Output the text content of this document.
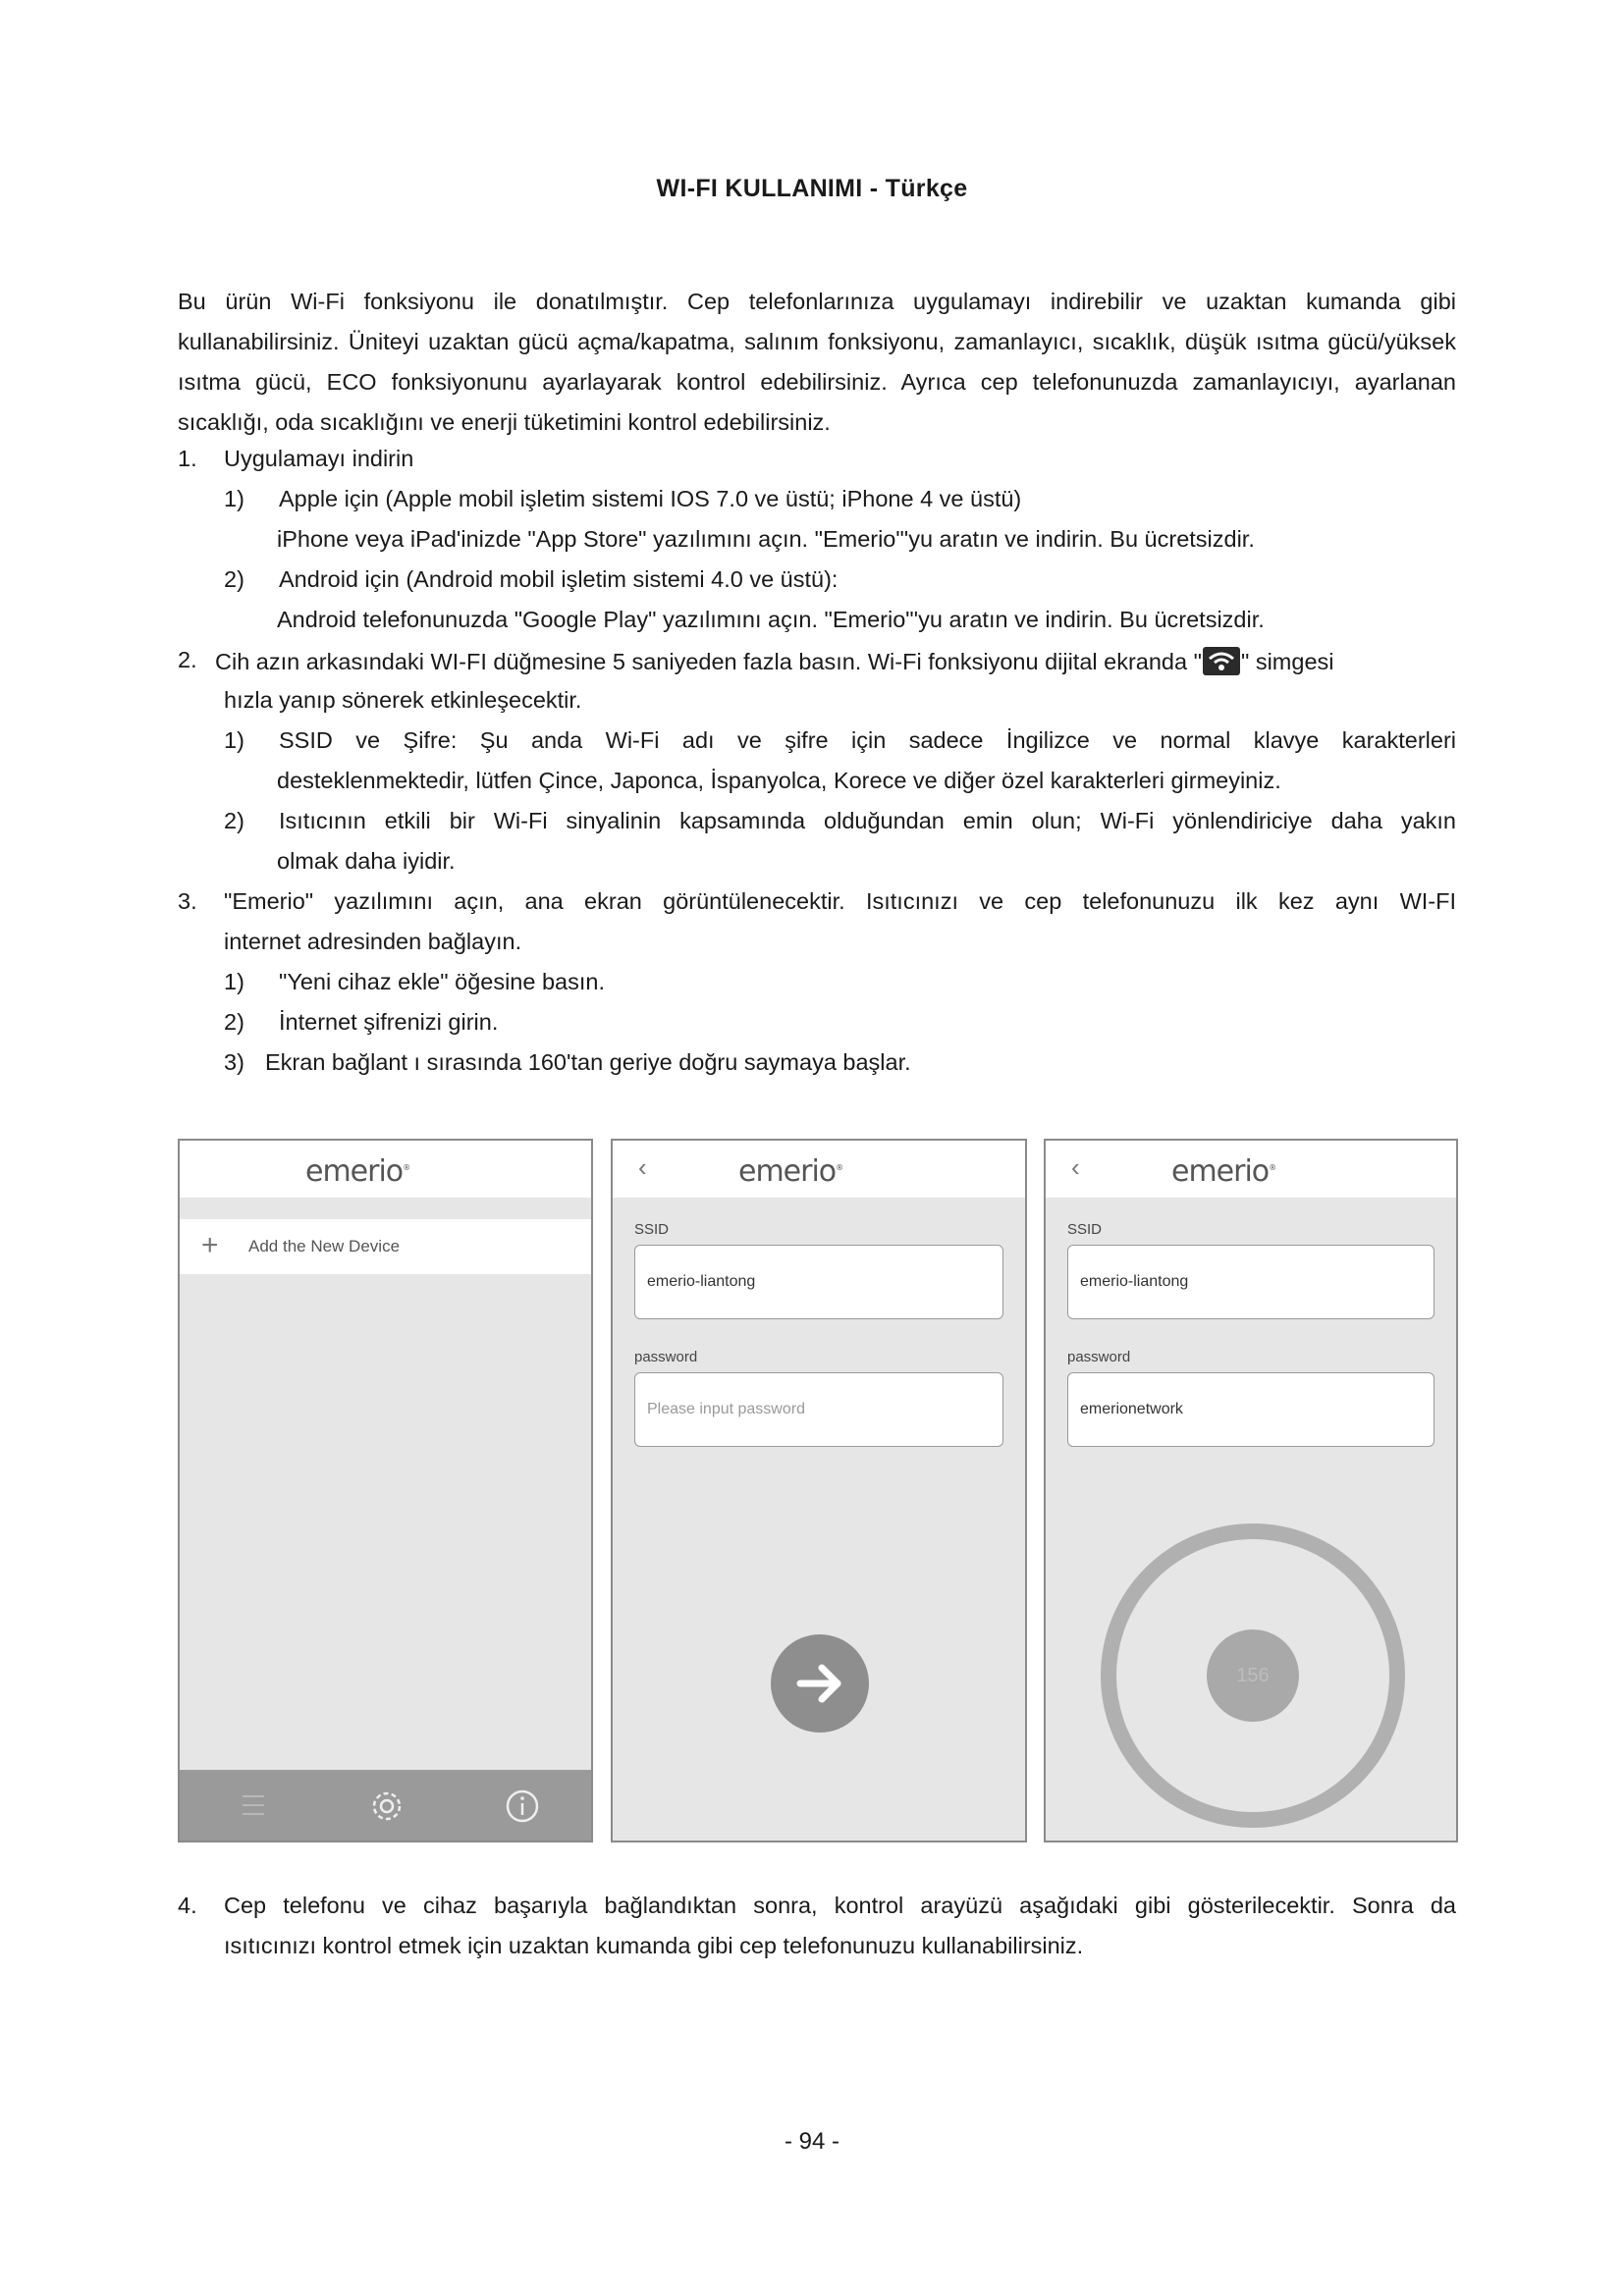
WI-FI KULLANIMI - Türkçe

Bu ürün Wi-Fi fonksiyonu ile donatılmıştır. Cep telefonlarınıza uygulamayı indirebilir ve uzaktan kumanda gibi kullanabilirsiniz. Üniteyi uzaktan gücü açma/kapatma, salınım fonksiyonu, zamanlayıcı, sıcaklık, düşük ısıtma gücü/yüksek ısıtma gücü, ECO fonksiyonunu ayarlayarak kontrol edebilirsiniz. Ayrıca cep telefonunuzda zamanlayıcıyı, ayarlanan sıcaklığı, oda sıcaklığını ve enerji tüketimini kontrol edebilirsiniz.

1. Uygulamayı indirin
1) Apple için (Apple mobil işletim sistemi IOS 7.0 ve üstü; iPhone 4 ve üstü)
iPhone veya iPad'inizde "App Store" yazılımını açın. "Emerio"'yu aratın ve indirin. Bu ücretsizdir.
2) Android için (Android mobil işletim sistemi 4.0 ve üstü):
Android telefonunuzda "Google Play" yazılımını açın. "Emerio"'yu aratın ve indirin. Bu ücretsizdir.
2. Cih azın arkasındaki WI-FI düğmesine 5 saniyeden fazla basın. Wi-Fi fonksiyonu dijital ekranda " " simgesi
hızla yanıp sönerek etkinleşecektir.
1) SSID ve Şifre: Şu anda Wi-Fi adı ve şifre için sadece İngilizce ve normal klavye karakterleri
desteklenmektedir, lütfen Çince, Japonca, İspanyolca, Korece ve diğer özel karakterleri girmeyiniz.
2) Isıtıcının etkili bir Wi-Fi sinyalinin kapsamında olduğundan emin olun; Wi-Fi yönlendiriciye daha yakın
olmak daha iyidir.
3. "Emerio" yazılımını açın, ana ekran görüntülenecektir. Isıtıcınızı ve cep telefonunuzu ilk kez aynı WI-FI
internet adresinden bağlayın.
1) "Yeni cihaz ekle" öğesine basın.
2) İnternet şifrenizi girin.
3) Ekran bağlant ı sırasında 160'tan geriye doğru saymaya başlar.
emerio®
+ Add the New Device
‹	emerio®
SSID
emerio-liantong
password
Please input password
‹	emerio®
SSID
emerio-liantong
password
emerionetwork
156
4. Cep telefonu ve cihaz başarıyla bağlandıktan sonra, kontrol arayüzü aşağıdaki gibi gösterilecektir. Sonra da
ısıtıcınızı kontrol etmek için uzaktan kumanda gibi cep telefonunuzu kullanabilirsiniz.
- 94 -
